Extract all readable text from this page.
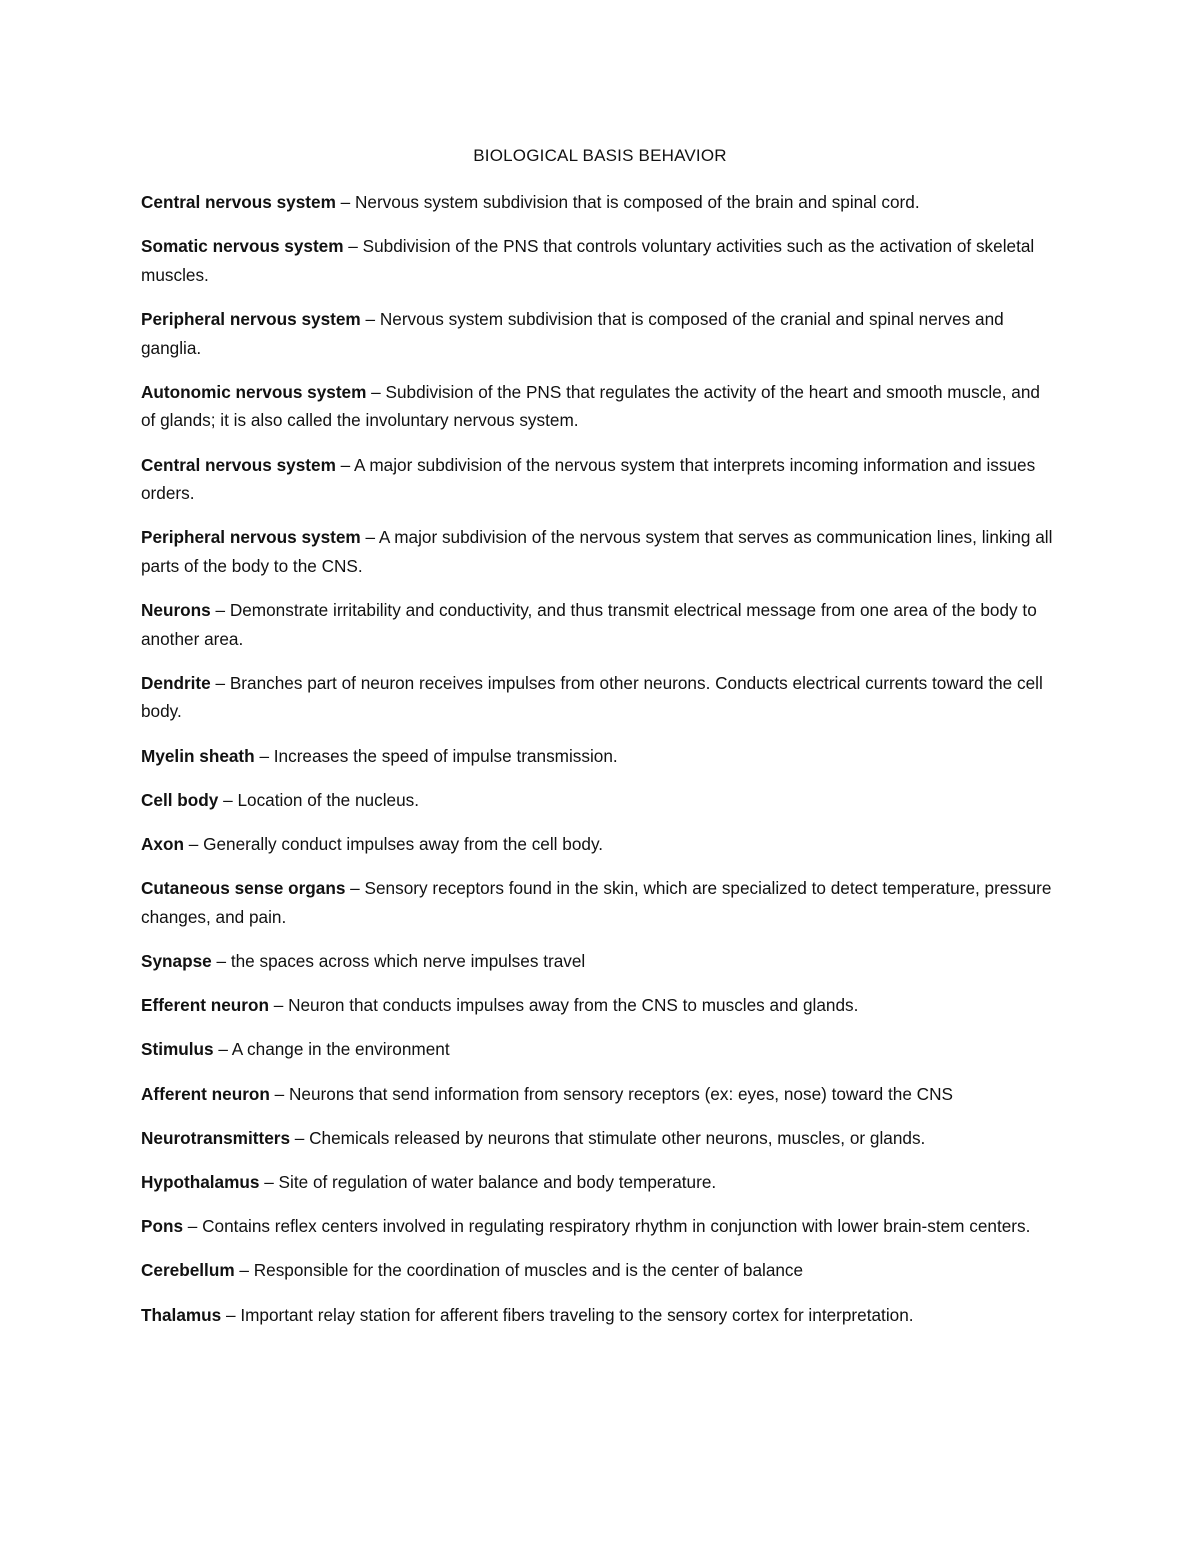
BIOLOGICAL BASIS BEHAVIOR
Central nervous system – Nervous system subdivision that is composed of the brain and spinal cord.
Somatic nervous system – Subdivision of the PNS that controls voluntary activities such as the activation of skeletal muscles.
Peripheral nervous system – Nervous system subdivision that is composed of the cranial and spinal nerves and ganglia.
Autonomic nervous system – Subdivision of the PNS that regulates the activity of the heart and smooth muscle, and of glands; it is also called the involuntary nervous system.
Central nervous system – A major subdivision of the nervous system that interprets incoming information and issues orders.
Peripheral nervous system – A major subdivision of the nervous system that serves as communication lines, linking all parts of the body to the CNS.
Neurons – Demonstrate irritability and conductivity, and thus transmit electrical message from one area of the body to another area.
Dendrite – Branches part of neuron receives impulses from other neurons. Conducts electrical currents toward the cell body.
Myelin sheath – Increases the speed of impulse transmission.
Cell body – Location of the nucleus.
Axon – Generally conduct impulses away from the cell body.
Cutaneous sense organs – Sensory receptors found in the skin, which are specialized to detect temperature, pressure changes, and pain.
Synapse – the spaces across which nerve impulses travel
Efferent neuron – Neuron that conducts impulses away from the CNS to muscles and glands.
Stimulus – A change in the environment
Afferent neuron – Neurons that send information from sensory receptors (ex: eyes, nose) toward the CNS
Neurotransmitters – Chemicals released by neurons that stimulate other neurons, muscles, or glands.
Hypothalamus – Site of regulation of water balance and body temperature.
Pons – Contains reflex centers involved in regulating respiratory rhythm in conjunction with lower brain-stem centers.
Cerebellum – Responsible for the coordination of muscles and is the center of balance
Thalamus – Important relay station for afferent fibers traveling to the sensory cortex for interpretation.
